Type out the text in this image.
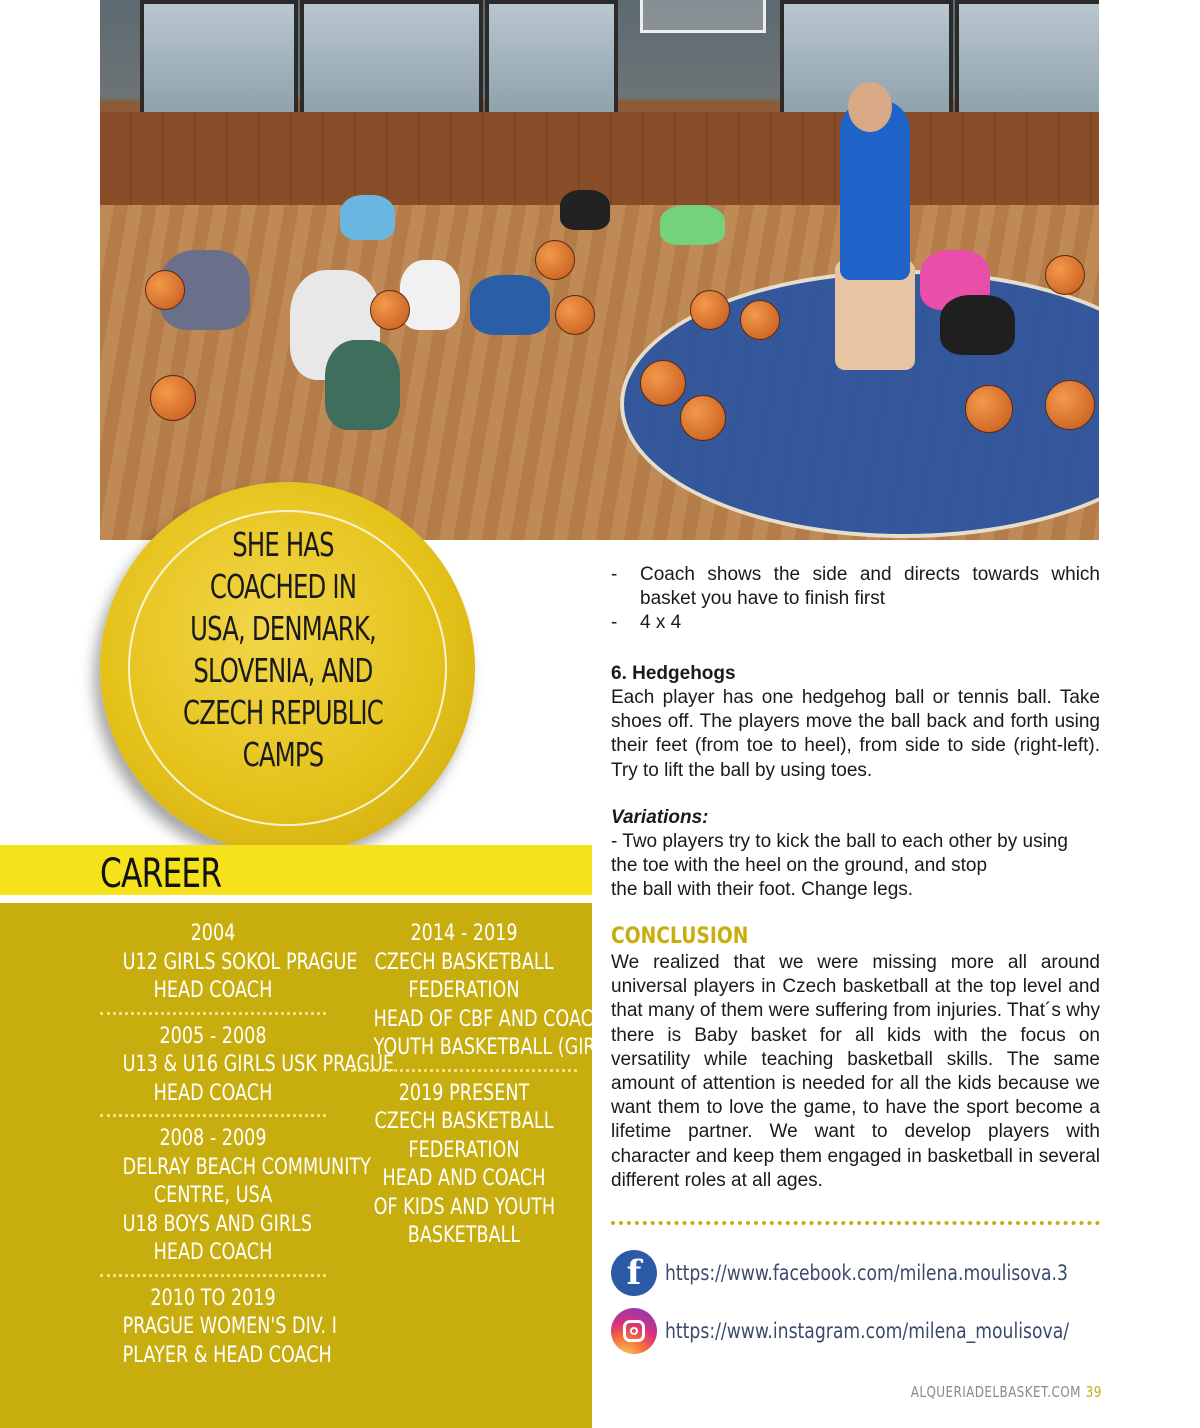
SHE HAS
COACHED IN
USA, DENMARK,
SLOVENIA, AND
CZECH REPUBLIC
CAMPS
CAREER
2004
U12 GIRLS SOKOL PRAGUE
HEAD COACH
2005 - 2008
U13 & U16 GIRLS USK PRAGUE
HEAD COACH
2008 - 2009
DELRAY BEACH COMMUNITY
CENTRE, USA
U18 BOYS AND GIRLS
HEAD COACH
2010 TO 2019
PRAGUE WOMEN'S DIV. I
PLAYER & HEAD COACH
2014 - 2019
CZECH BASKETBALL
FEDERATION
HEAD OF CBF AND COACH OF
YOUTH BASKETBALL (GIRLS)
2019 PRESENT
CZECH BASKETBALL
FEDERATION
HEAD AND COACH
OF KIDS AND YOUTH
BASKETBALL
-	Coach shows the side and directs towards which basket you have to finish first
-	4 x 4
6. Hedgehogs
Each player has one hedgehog ball or tennis ball. Take shoes off. The players move the ball back and forth using their feet (from toe to heel), from side to side (right-left). Try to lift the ball by using toes.
Variations:
- Two players try to kick the ball to each other by using
the toe with the heel on the ground, and stop
the ball with their foot. Change legs.
CONCLUSION
We realized that we were missing more all around universal players in Czech basketball at the top level and that many of them were suffering from injuries. That´s why there is Baby basket for all kids with the focus on versatility while teaching basketball skills. The same amount of attention is needed for all the kids because we want them to love the game, to have the sport become a lifetime partner. We want to develop players with character and keep them engaged in basketball in several different roles at all ages.
f	https://www.facebook.com/milena.moulisova.3
https://www.instagram.com/milena_moulisova/
ALQUERIADELBASKET.COM 39
